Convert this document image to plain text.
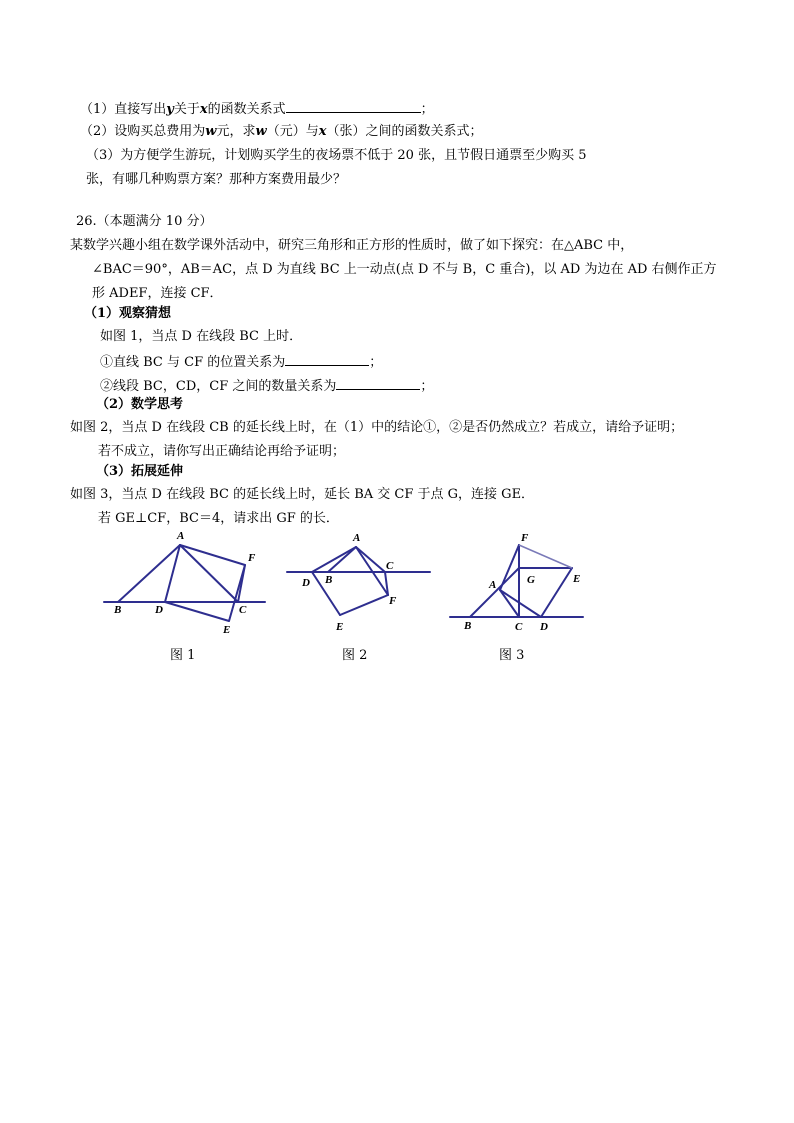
（1）直接写出y关于x的函数关系式	；
（2）设购买总费用为w元，求w（元）与x（张）之间的函数关系式；
（3）为方便学生游玩，计划购买学生的夜场票不低于 20 张，且节假日通票至少购买 5
张，有哪几种购票方案？那种方案费用最少？
26.（本题满分 10 分）
某数学兴趣小组在数学课外活动中，研究三角形和正方形的性质时，做了如下探究：在△ABC 中，
∠BAC＝90°，AB＝AC，点 D 为直线 BC 上一动点(点 D 不与 B，C 重合)，以 AD 为边在 AD 右侧作正方
形 ADEF，连接 CF．
（1）观察猜想
如图 1，当点 D 在线段 BC 上时．
①直线 BC 与 CF 的位置关系为	；
②线段 BC，CD，CF 之间的数量关系为	；
（2）数学思考
如图 2，当点 D 在线段 CB 的延长线上时，在（1）中的结论①，②是否仍然成立？若成立，请给予证明；
若不成立，请你写出正确结论再给予证明；
（3）拓展延伸
如图 3，当点 D 在线段 BC 的延长线上时，延长 BA 交 CF 于点 G，连接 GE．
若 GE⊥CF，BC＝4，请求出 GF 的长．
A
B	D	C
F
E
A
B
C
D
F
E
F
G	E
A
B	C D
图 1	图 2	图 3
